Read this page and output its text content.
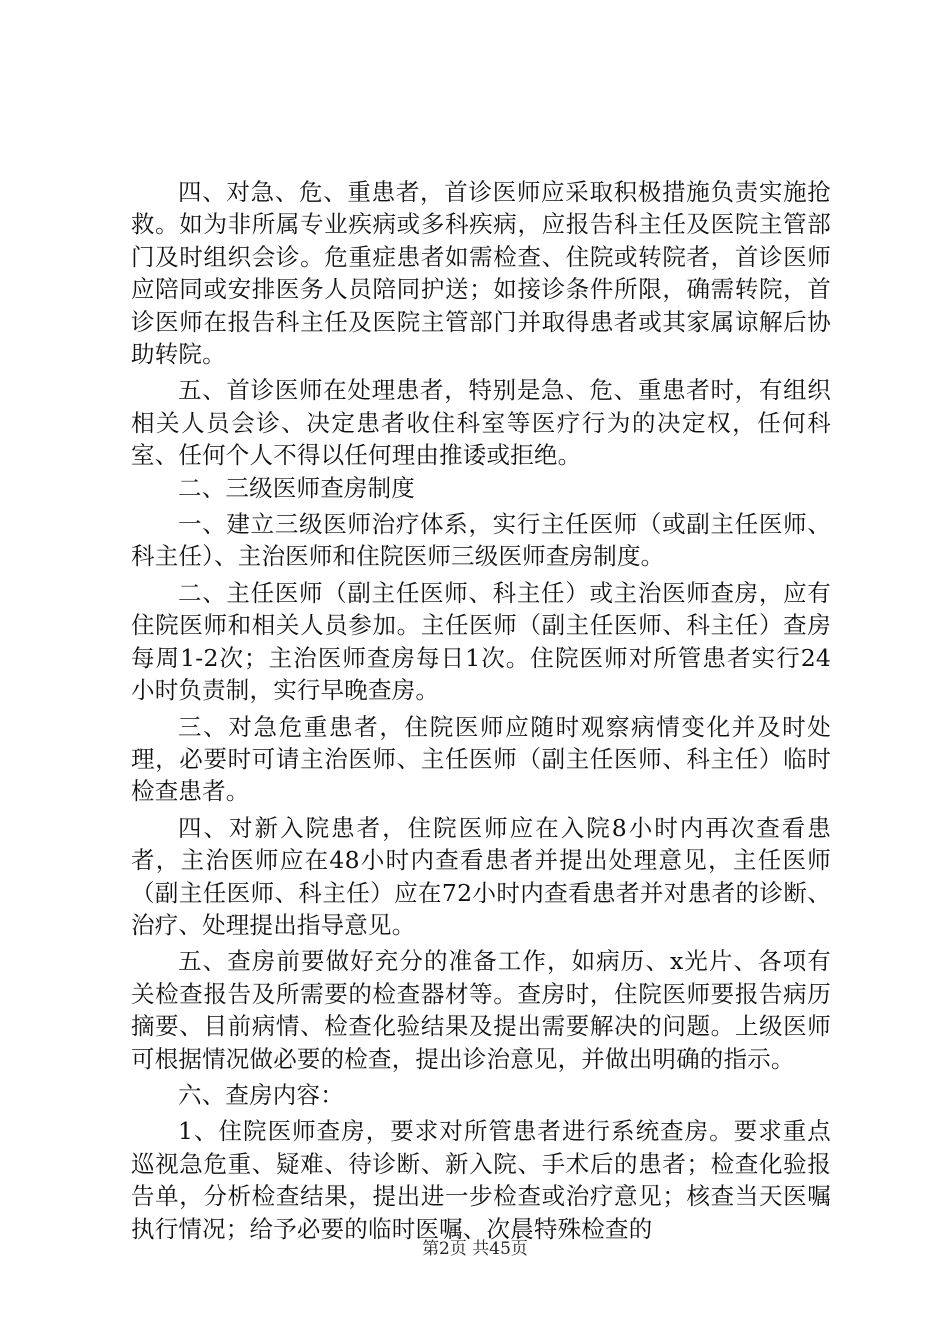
四、对急、危、重患者，首诊医师应采取积极措施负责实施抢救。如为非所属专业疾病或多科疾病，应报告科主任及医院主管部门及时组织会诊。危重症患者如需检查、住院或转院者，首诊医师应陪同或安排医务人员陪同护送；如接诊条件所限，确需转院，首诊医师在报告科主任及医院主管部门并取得患者或其家属谅解后协助转院。

五、首诊医师在处理患者，特别是急、危、重患者时，有组织相关人员会诊、决定患者收住科室等医疗行为的决定权，任何科室、任何个人不得以任何理由推诿或拒绝。

二、三级医师查房制度

一、建立三级医师治疗体系，实行主任医师（或副主任医师、科主任）、主治医师和住院医师三级医师查房制度。

二、主任医师（副主任医师、科主任）或主治医师查房，应有住院医师和相关人员参加。主任医师（副主任医师、科主任）查房每周1-2次；主治医师查房每日1次。住院医师对所管患者实行24小时负责制，实行早晚查房。

三、对急危重患者，住院医师应随时观察病情变化并及时处理，必要时可请主治医师、主任医师（副主任医师、科主任）临时检查患者。

四、对新入院患者，住院医师应在入院8小时内再次查看患者，主治医师应在48小时内查看患者并提出处理意见，主任医师（副主任医师、科主任）应在72小时内查看患者并对患者的诊断、治疗、处理提出指导意见。

五、查房前要做好充分的准备工作，如病历、x光片、各项有关检查报告及所需要的检查器材等。查房时，住院医师要报告病历摘要、目前病情、检查化验结果及提出需要解决的问题。上级医师可根据情况做必要的检查，提出诊治意见，并做出明确的指示。

六、查房内容：

1、住院医师查房，要求对所管患者进行系统查房。要求重点巡视急危重、疑难、待诊断、新入院、手术后的患者；检查化验报告单，分析检查结果，提出进一步检查或治疗意见；核查当天医嘱执行情况；给予必要的临时医嘱、次晨特殊检查的

第2页 共45页
